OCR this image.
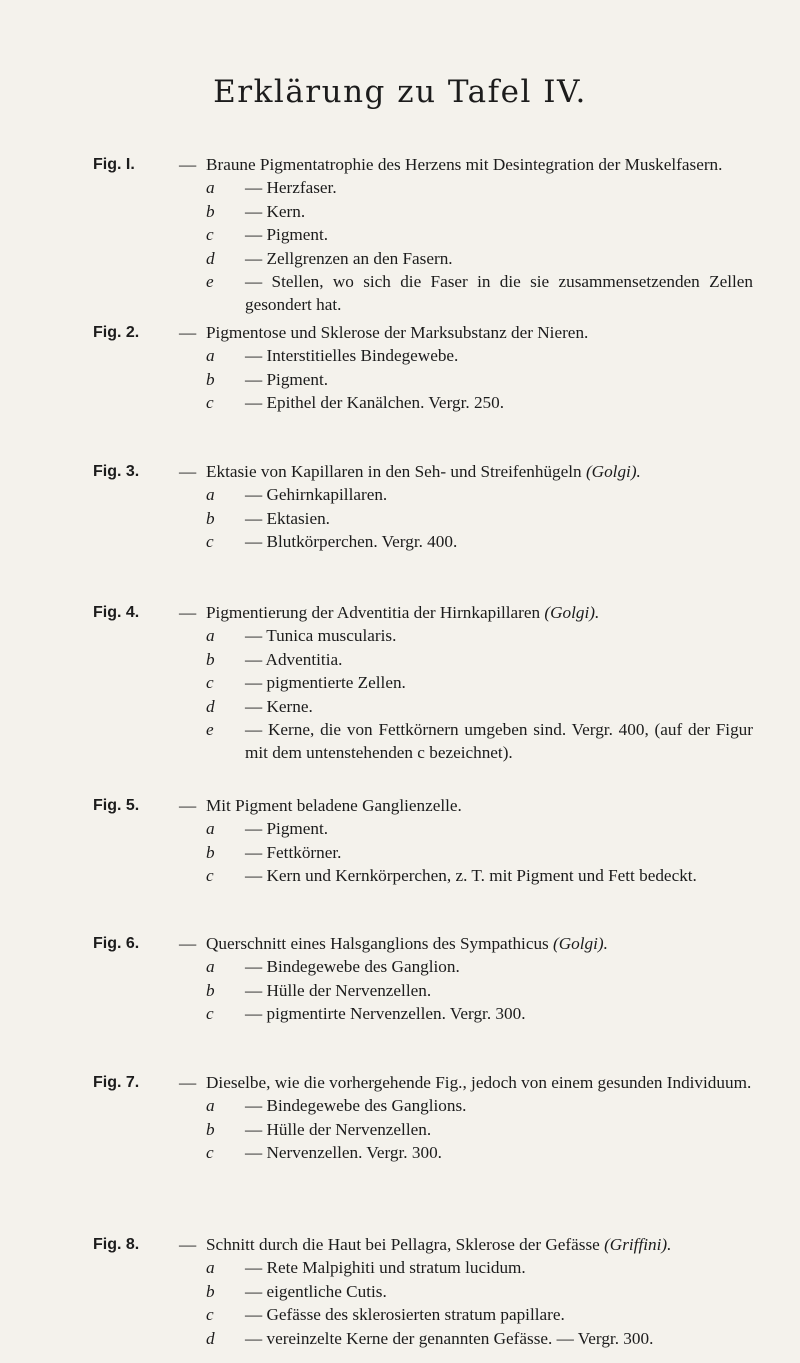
Erklärung zu Tafel IV.
Fig. I.	— Braune Pigmentatrophie des Herzens mit Desintegration der Muskelfasern.
a	— Herzfaser.
b	— Kern.
c	— Pigment.
d	— Zellgrenzen an den Fasern.
e	— Stellen, wo sich die Faser in die sie zusammensetzenden Zellen gesondert hat.
Fig. 2.	— Pigmentose und Sklerose der Marksubstanz der Nieren.
a	— Interstitielles Bindegewebe.
b	— Pigment.
c	— Epithel der Kanälchen. Vergr. 250.
Fig. 3.	— Ektasie von Kapillaren in den Seh- und Streifenhügeln (Golgi).
a	— Gehirnkapillaren.
b	— Ektasien.
c	— Blutkörperchen. Vergr. 400.
Fig. 4.	— Pigmentierung der Adventitia der Hirnkapillaren (Golgi).
a	— Tunica muscularis.
b	— Adventitia.
c	— pigmentierte Zellen.
d	— Kerne.
e	— Kerne, die von Fettkörnern umgeben sind. Vergr. 400, (auf der Figur mit dem untenstehenden c bezeichnet).
Fig. 5.	— Mit Pigment beladene Ganglienzelle.
a	— Pigment.
b	— Fettkörner.
c	— Kern und Kernkörperchen, z. T. mit Pigment und Fett bedeckt.
Fig. 6.	— Querschnitt eines Halsganglions des Sympathicus (Golgi).
a	— Bindegewebe des Ganglion.
b	— Hülle der Nervenzellen.
c	— pigmentirte Nervenzellen. Vergr. 300.
Fig. 7.	— Dieselbe, wie die vorhergehende Fig., jedoch von einem gesunden Individuum.
a	— Bindegewebe des Ganglions.
b	— Hülle der Nervenzellen.
c	— Nervenzellen. Vergr. 300.
Fig. 8.	— Schnitt durch die Haut bei Pellagra, Sklerose der Gefässe (Griffini).
a	— Rete Malpighiti und stratum lucidum.
b	— eigentliche Cutis.
c	— Gefässe des sklerosierten stratum papillare.
d	— vereinzelte Kerne der genannten Gefässe. — Vergr. 300.
